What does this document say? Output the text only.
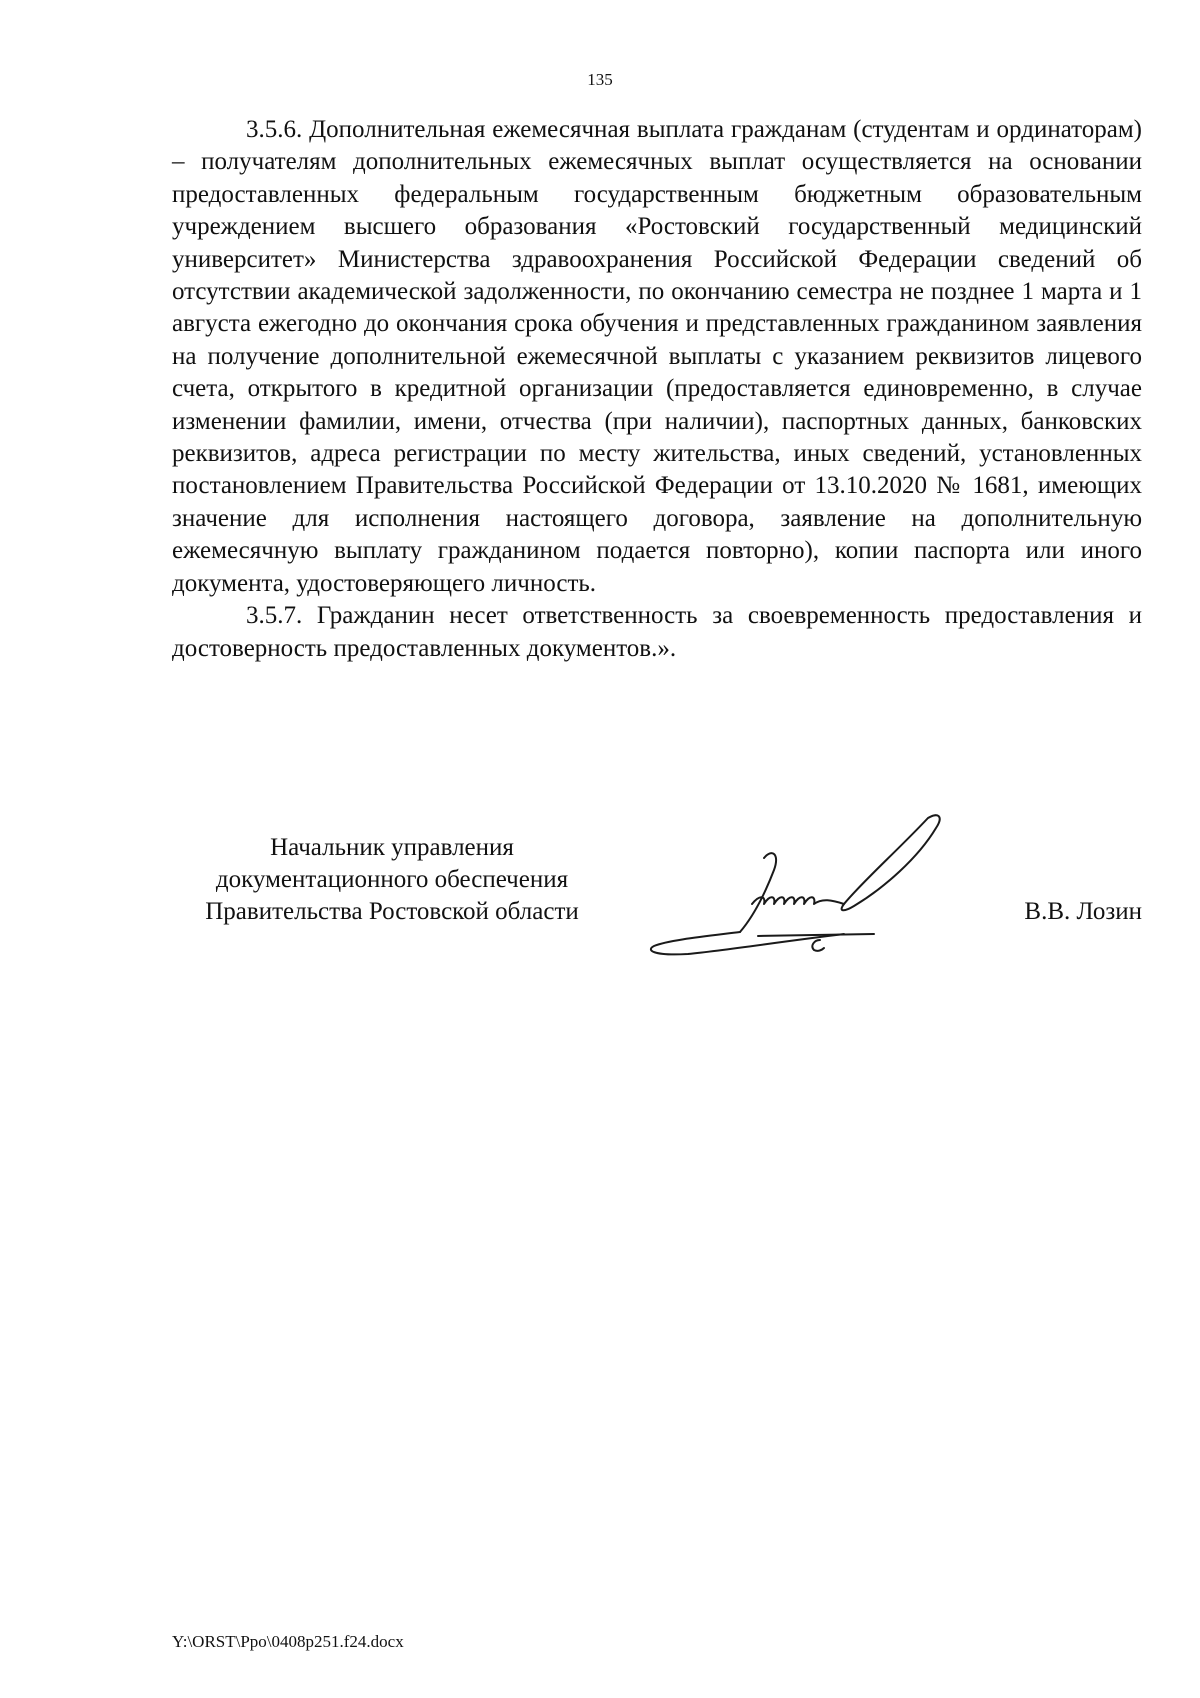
135

3.5.6. Дополнительная ежемесячная выплата гражданам (студентам и ординаторам) – получателям дополнительных ежемесячных выплат осуществляется на основании предоставленных федеральным государственным бюджетным образовательным учреждением высшего образования «Ростовский государственный медицинский университет» Министерства здравоохранения Российской Федерации сведений об отсутствии академической задолженности, по окончанию семестра не позднее 1 марта и 1 августа ежегодно до окончания срока обучения и представленных гражданином заявления на получение дополнительной ежемесячной выплаты с указанием реквизитов лицевого счета, открытого в кредитной организации (предоставляется единовременно, в случае изменении фамилии, имени, отчества (при наличии), паспортных данных, банковских реквизитов, адреса регистрации по месту жительства, иных сведений, установленных постановлением Правительства Российской Федерации от 13.10.2020 № 1681, имеющих значение для исполнения настоящего договора, заявление на дополнительную ежемесячную выплату гражданином подается повторно), копии паспорта или иного документа, удостоверяющего личность.

3.5.7. Гражданин несет ответственность за своевременность предоставления и достоверность предоставленных документов.».

Начальник управления
документационного обеспечения
Правительства Ростовской области	В.В. Лозин
Y:\ORST\Ppo\0408p251.f24.docx
